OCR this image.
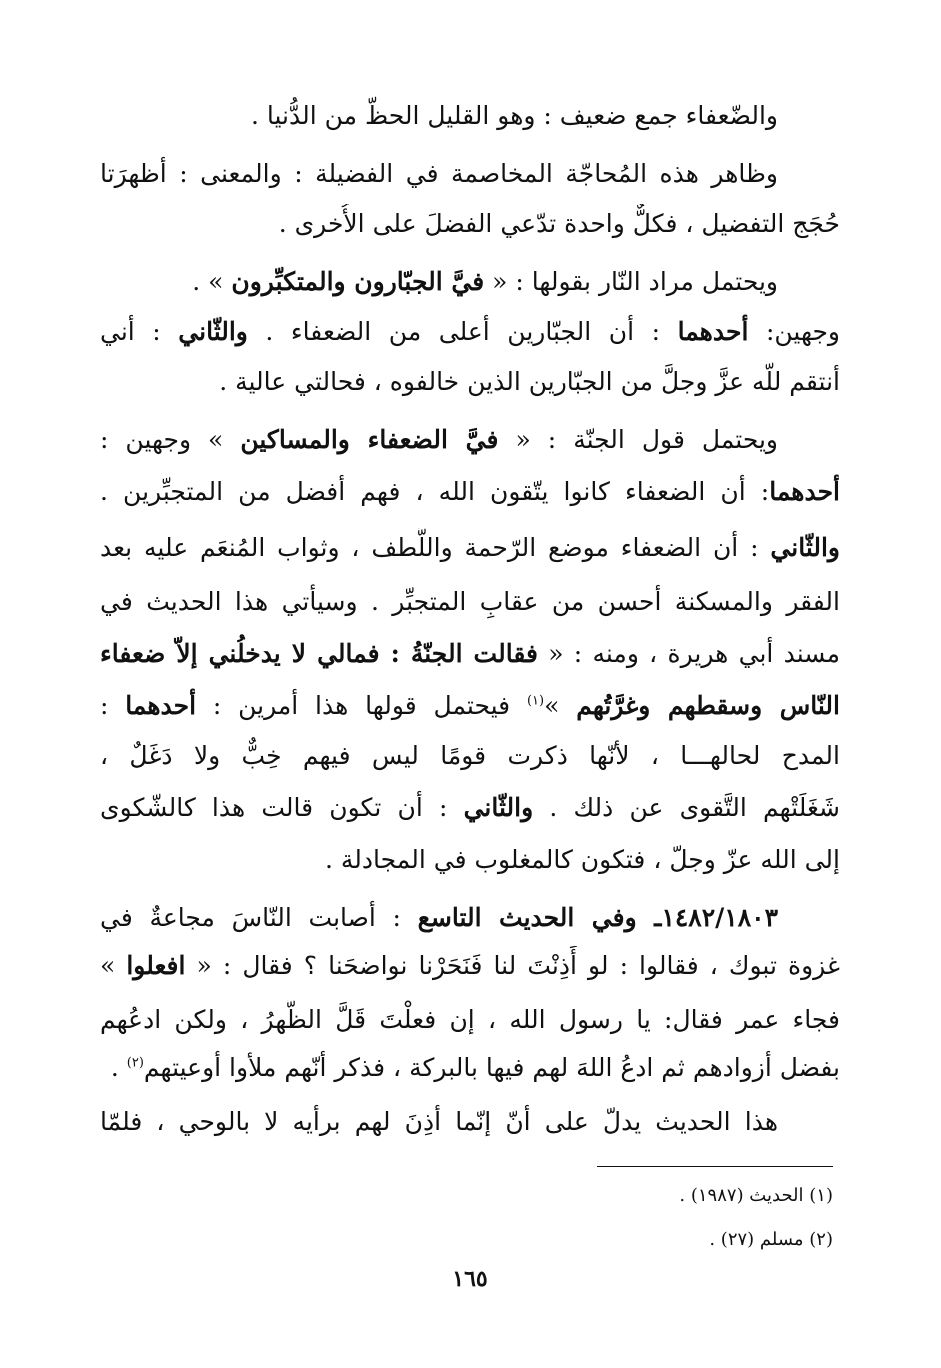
والضّعفاء جمع ضعيف : وهو القليل الحظّ من الدُّنيا .
وظاهر هذه المُحاجّة المخاصمة في الفضيلة : والمعنى : أظهرَتا
حُجَج التفضيل ، فكلٌّ واحدة تدّعي الفضلَ على الأُخرى .
ويحتمل مراد النّار بقولها : « فيَّ الجبّارون والمتكبِّرون » .
وجهين: أحدهما : أن الجبّارين أعلى من الضعفاء . والثّاني : أني
أنتقم للّه عزَّ وجلَّ من الجبّارين الذين خالفوه ، فحالتي عالية .
ويحتمل قول الجنّة : « فيَّ الضعفاء والمساكين » وجهين :
أحدهما: أن الضعفاء كانوا يتّقون الله ، فهم أفضل من المتجبِّرين .
والثّاني : أن الضعفاء موضع الرّحمة واللُّطف ، وثواب المُنعَم عليه بعد
الفقر والمسكنة أحسن من عقابِ المتجبِّر . وسيأتي هذا الحديث في
مسند أبي هريرة ، ومنه : « فقالت الجنّةُ : فمالي لا يدخلُني إلاّ ضعفاء
النّاس وسقطهم وغرَّتُهم »$^{(١)}$ فيحتمل قولها هذا أمرين : أحدهما :
المدح لحالهـــا ، لأنّها ذكرت قومًا ليس فيهم خِبٌّ ولا دَغَلٌ ،
شَغَلَتْهم التَّقوى عن ذلك . والثّاني : أن تكون قالت هذا كالشّكوى
إلى الله عزّ وجلّ ، فتكون كالمغلوب في المجادلة .
١٤٨٢/١٨٠٣ـ وفي الحديث التاسع : أصابت النّاسَ مجاعةٌ في
غزوة تبوك ، فقالوا : لو أَذِنْتَ لنا فَنَحَرْنا نواضحَنا ؟ فقال : « افعلوا »
فجاء عمر فقال: يا رسول الله ، إن فعلْتَ قَلَّ الظَّهرُ ، ولكن ادعُهم
بفضل أزوادهم ثم ادعُ اللهَ لهم فيها بالبركة ، فذكر أنّهم ملأوا أوعيتهم$^{(٢)}$ .
هذا الحديث يدلّ على أنّ إنّما أذِنَ لهم برأيه لا بالوحي ، فلمّا
(١) الحديث (١٩٨٧) .
(٢) مسلم (٢٧) .
١٦٥
